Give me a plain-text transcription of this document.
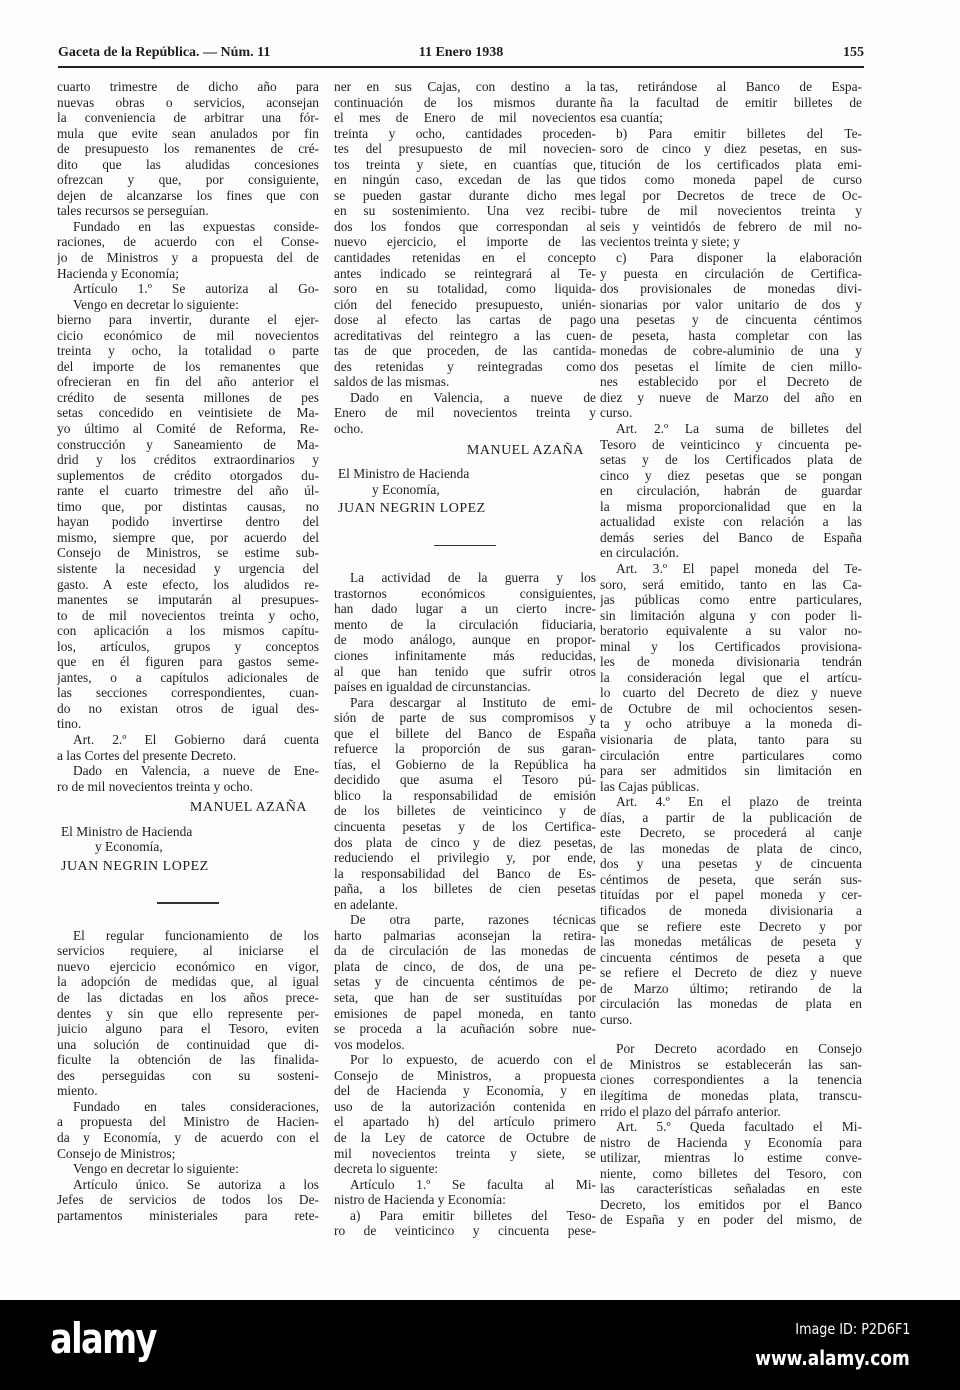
Gaceta de la República. — Núm. 11	11 Enero 1938	155
cuarto trimestre de dicho año para
nuevas obras o servicios, aconsejan
la conveniencia de arbitrar una fór-
mula que evite sean anulados por fin
de presupuesto los remanentes de cré-
dito que las aludidas concesiones
ofrezcan y que, por consiguiente,
dejen de alcanzarse los fines que con
tales recursos se perseguían.
Fundado en las expuestas conside-
raciones, de acuerdo con el Conse-
jo de Ministros y a propuesta del de
Hacienda y Economía;
Artículo 1.º Se autoriza al Go-
Vengo en decretar lo siguiente:
bierno para invertir, durante el ejer-
cicio económico de mil novecientos
treinta y ocho, la totalidad o parte
del importe de los remanentes que
ofrecieran en fin del año anterior el
crédito de sesenta millones de pes
setas concedido en veintisiete de Ma-
yo último al Comité de Reforma, Re-
construcción y Saneamiento de Ma-
drid y los créditos extraordinarios y
suplementos de crédito otorgados du-
rante el cuarto trimestre del año úl-
timo que, por distintas causas, no
hayan podido invertirse dentro del
mismo, siempre que, por acuerdo del
Consejo de Ministros, se estime sub-
sistente la necesidad y urgencia del
gasto. A este efecto, los aludidos re-
manentes se imputarán al presupues-
to de mil novecientos treinta y ocho,
con aplicación a los mismos capítu-
los, artículos, grupos y conceptos
que en él figuren para gastos seme-
jantes, o a capítulos adicionales de
las secciones correspondientes, cuan-
do no existan otros de igual des-
tino.
Art. 2.º El Gobierno dará cuenta
a las Cortes del presente Decreto.
Dado en Valencia, a nueve de Ene-
ro de mil novecientos treinta y ocho.
MANUEL AZAÑA
El Ministro de Hacienda
y Economía,
JUAN NEGRIN LOPEZ
El regular funcionamiento de los
servicios requiere, al iniciarse el
nuevo ejercicio económico en vigor,
la adopción de medidas que, al igual
de las dictadas en los años prece-
dentes y sin que ello represente per-
juicio alguno para el Tesoro, eviten
una solución de continuidad que di-
ficulte la obtención de las finalida-
des perseguidas con su sosteni-
miento.
Fundado en tales consideraciones,
a propuesta del Ministro de Hacien-
da y Economía, y de acuerdo con el
Consejo de Ministros;
Vengo en decretar lo siguiente:
Artículo único. Se autoriza a los
Jefes de servicios de todos los De-
partamentos ministeriales para rete-
ner en sus Cajas, con destino a la
continuación de los mismos durante
el mes de Enero de mil novecientos
treinta y ocho, cantidades proceden-
tes del presupuesto de mil novecien-
tos treinta y siete, en cuantías que,
en ningún caso, excedan de las que
se pueden gastar durante dicho mes
en su sostenimiento. Una vez recibi-
dos los fondos que correspondan al
nuevo ejercicio, el importe de las
cantidades retenidas en el concepto
antes indicado se reintegrará al Te-
soro en su totalidad, como liquida-
ción del fenecido presupuesto, unién-
dose al efecto las cartas de pago
acreditativas del reintegro a las cuen-
tas de que proceden, de las cantida-
des retenidas y reintegradas como
saldos de las mismas.
Dado en Valencia, a nueve de
Enero de mil novecientos treinta y
ocho.
MANUEL AZAÑA
El Ministro de Hacienda
y Economía,
JUAN NEGRIN LOPEZ
La actividad de la guerra y los
trastornos económicos consiguientes,
han dado lugar a un cierto incre-
mento de la circulación fiduciaria,
de modo análogo, aunque en propor-
ciones infinitamente más reducidas,
al que han tenido que sufrir otros
países en igualdad de circunstancias.
Para descargar al Instituto de emi-
sión de parte de sus compromisos y
que el billete del Banco de España
refuerce la proporción de sus garan-
tías, el Gobierno de la República ha
decidido que asuma el Tesoro pú-
blico la responsabilidad de emisión
de los billetes de veinticinco y de
cincuenta pesetas y de los Certifica-
dos plata de cinco y de diez pesetas,
reduciendo el privilegio y, por ende,
la responsabilidad del Banco de Es-
paña, a los billetes de cien pesetas
en adelante.
De otra parte, razones técnicas
harto palmarias aconsejan la retira-
da de circulación de las monedas de
plata de cinco, de dos, de una pe-
setas y de cincuenta céntimos de pe-
seta, que han de ser sustituídas por
emisiones de papel moneda, en tanto
se proceda a la acuñación sobre nue-
vos modelos.
Por lo expuesto, de acuerdo con el
Consejo de Ministros, a propuesta
del de Hacienda y Economía, y en
uso de la autorización contenida en
el apartado h) del artículo primero
de la Ley de catorce de Octubre de
mil novecientos treinta y siete, se
decreta lo siguente:
Artículo 1.º Se faculta al Mi-
nistro de Hacienda y Economía:
a) Para emitir billetes del Teso-
ro de veinticinco y cincuenta pese-
tas, retirándose al Banco de Espa-
ña la facultad de emitir billetes de
esa cuantía;
b) Para emitir billetes del Te-
soro de cinco y diez pesetas, en sus-
titución de los certificados plata emi-
tidos como moneda papel de curso
legal por Decretos de trece de Oc-
tubre de mil novecientos treinta y
seis y veintidós de febrero de mil no-
vecientos treinta y siete; y
c) Para disponer la elaboración
y puesta en circulación de Certifica-
dos provisionales de monedas divi-
sionarias por valor unitario de dos y
una pesetas y de cincuenta céntimos
de peseta, hasta completar con las
monedas de cobre-aluminio de una y
dos pesetas el límite de cien millo-
nes establecido por el Decreto de
diez y nueve de Marzo del año en
curso.
Art. 2.º La suma de billetes del
Tesoro de veinticinco y cincuenta pe-
setas y de los Certificados plata de
cinco y diez pesetas que se pongan
en circulación, habrán de guardar
la misma proporcionalidad que en la
actualidad existe con relación a las
demás series del Banco de España
en circulación.
Art. 3.º El papel moneda del Te-
soro, será emitido, tanto en las Ca-
jas públicas como entre particulares,
sin limitación alguna y con poder li-
beratorio equivalente a su valor no-
minal y los Certificados provisiona-
les de moneda divisionaria tendrán
la consideración legal que el artícu-
lo cuarto del Decreto de diez y nueve
de Octubre de mil ochocientos sesen-
ta y ocho atribuye a la moneda di-
visionaria de plata, tanto para su
circulación entre particulares como
para ser admitidos sin limitación en
las Cajas públicas.
Art. 4.º En el plazo de treinta
días, a partir de la publicación de
este Decreto, se procederá al canje
de las monedas de plata de cinco,
dos y una pesetas y de cincuenta
céntimos de peseta, que serán sus-
tituídas por el papel moneda y cer-
tificados de moneda divisionaria a
que se refiere este Decreto y por
las monedas metálicas de peseta y
cincuenta céntimos de peseta a que
se refiere el Decreto de diez y nueve
de Marzo último; retirando de la
circulación las monedas de plata en
curso.
Por Decreto acordado en Consejo
de Ministros se establecerán las san-
ciones correspondientes a la tenencia
ilegítima de monedas plata, transcu-
rrido el plazo del párrafo anterior.
Art. 5.º Queda facultado el Mi-
nistro de Hacienda y Economía para
utilizar, mientras lo estime conve-
niente, como billetes del Tesoro, con
las características señaladas en este
Decreto, los emitidos por el Banco
de España y en poder del mismo, de
alamy	Image ID: P2D6F1
www.alamy.com
